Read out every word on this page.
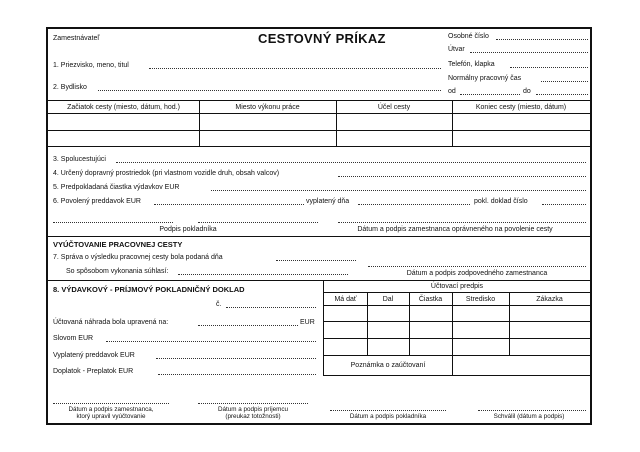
Zamestnávateľ	CESTOVNÝ PRÍKAZ	Osobné číslo
Útvar
Telefón, klapka
Normálny pracovný čas
od	do
1. Priezvisko, meno, titul
2. Bydlisko
Začiatok cesty (miesto, dátum, hod.)	Miesto výkonu práce	Účel cesty	Koniec cesty (miesto, dátum)
3. Spolucestujúci
4. Určený dopravný prostriedok (pri vlastnom vozidle druh, obsah valcov)
5. Predpokladaná čiastka výdavkov EUR
6. Povolený preddavok EUR	vyplatený dňa	pokl. doklad číslo
Podpis pokladníka	Dátum a podpis zamestnanca oprávneného na povolenie cesty
VYÚČTOVANIE PRACOVNEJ CESTY
7. Správa o výsledku pracovnej cesty bola podaná dňa
So spôsobom vykonania súhlasí:	Dátum a podpis zodpovedného zamestnanca
8. VÝDAVKOVÝ - PRÍJMOVÝ POKLADNIČNÝ DOKLAD
č.
Účtovaná náhrada bola upravená na:	EUR
Slovom EUR
Vyplatený preddavok EUR
Doplatok - Preplatok EUR
Účtovací predpis
Má dať	Dal	Čiastka	Stredisko	Zákazka
Poznámka o zaúčtovaní
Dátum a podpis zamestnanca,
ktorý upravil vyúčtovanie
Dátum a podpis príjemcu
(preukaz totožnosti)	Dátum a podpis pokladníka	Schválil (dátum a podpis)
